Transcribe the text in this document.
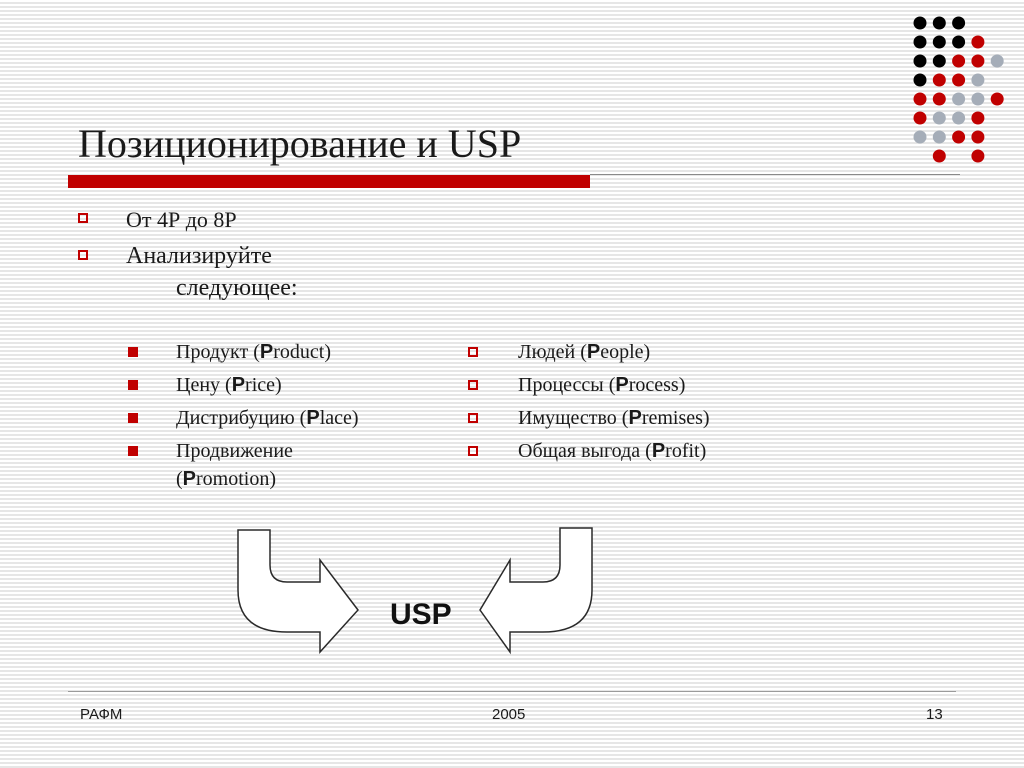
Позиционирование и USP
От 4Р до 8Р
Анализируйте
следующее:
Продукт (Product)
Цену (Price)
Дистрибуцию (Place)
Продвижение
(Promotion)
Людей (People)
Процессы (Process)
Имущество (Premises)
Общая выгода (Profit)
USP
РАФМ	2005	13
